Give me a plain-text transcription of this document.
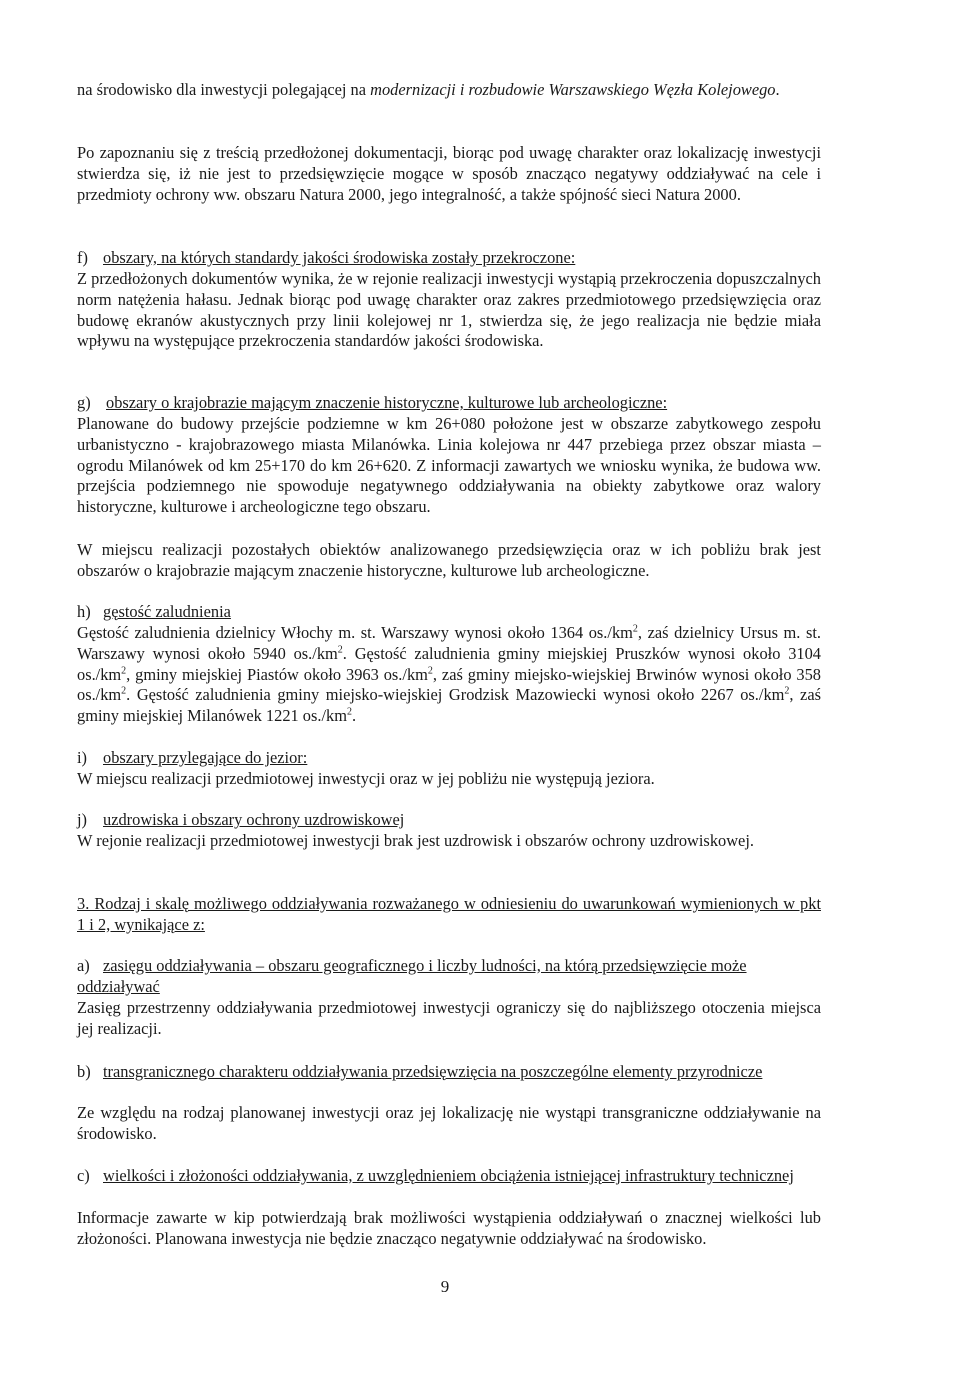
na środowisko dla inwestycji polegającej na modernizacji i rozbudowie Warszawskiego Węzła Kolejowego.

Po zapoznaniu się z treścią przedłożonej dokumentacji, biorąc pod uwagę charakter oraz lokalizację inwestycji stwierdza się, iż nie jest to przedsięwzięcie mogące w sposób znacząco negatywy oddziaływać na cele i przedmioty ochrony ww. obszaru Natura 2000, jego integralność, a także spójność sieci Natura 2000.

f) obszary, na których standardy jakości środowiska zostały przekroczone:

Z przedłożonych dokumentów wynika, że w rejonie realizacji inwestycji wystąpią przekroczenia dopuszczalnych norm natężenia hałasu. Jednak biorąc pod uwagę charakter oraz zakres przedmiotowego przedsięwzięcia oraz budowę ekranów akustycznych przy linii kolejowej nr 1, stwierdza się, że jego realizacja nie będzie miała wpływu na występujące przekroczenia standardów jakości środowiska.

g) obszary o krajobrazie mającym znaczenie historyczne, kulturowe lub archeologiczne:

Planowane do budowy przejście podziemne w km 26+080 położone jest w obszarze zabytkowego zespołu urbanistyczno - krajobrazowego miasta Milanówka. Linia kolejowa nr 447 przebiega przez obszar miasta – ogrodu Milanówek od km 25+170 do km 26+620. Z informacji zawartych we wniosku wynika, że budowa ww. przejścia podziemnego nie spowoduje negatywnego oddziaływania na obiekty zabytkowe oraz walory historyczne, kulturowe i archeologiczne tego obszaru.

W miejscu realizacji pozostałych obiektów analizowanego przedsięwzięcia oraz w ich pobliżu brak jest obszarów o krajobrazie mającym znaczenie historyczne, kulturowe lub archeologiczne.

h) gęstość zaludnienia

Gęstość zaludnienia dzielnicy Włochy m. st. Warszawy wynosi około 1364 $os./km^2$, zaś dzielnicy Ursus m. st. Warszawy wynosi około 5940 $os./km^2$. Gęstość zaludnienia gminy miejskiej Pruszków wynosi około 3104 $os./km^2$, gminy miejskiej Piastów około 3963 $os./km^2$, zaś gminy miejsko-wiejskiej Brwinów wynosi około 358 $os./km^2$. Gęstość zaludnienia gminy miejsko-wiejskiej Grodzisk Mazowiecki wynosi około 2267 $os./km^2$, zaś gminy miejskiej Milanówek 1221 $os./km^2$.

i) obszary przylegające do jezior:

W miejscu realizacji przedmiotowej inwestycji oraz w jej pobliżu nie występują jeziora.

j) uzdrowiska i obszary ochrony uzdrowiskowej

W rejonie realizacji przedmiotowej inwestycji brak jest uzdrowisk i obszarów ochrony uzdrowiskowej.

3. Rodzaj i skalę możliwego oddziaływania rozważanego w odniesieniu do uwarunkowań wymienionych w pkt 1 i 2, wynikające z:

a) zasięgu oddziaływania – obszaru geograficznego i liczby ludności, na którą przedsięwzięcie może oddziaływać

Zasięg przestrzenny oddziaływania przedmiotowej inwestycji ograniczy się do najbliższego otoczenia miejsca jej realizacji.

b) transgranicznego charakteru oddziaływania przedsięwzięcia na poszczególne elementy przyrodnicze

Ze względu na rodzaj planowanej inwestycji oraz jej lokalizację nie wystąpi transgraniczne oddziaływanie na środowisko.

c) wielkości i złożoności oddziaływania, z uwzględnieniem obciążenia istniejącej infrastruktury technicznej

Informacje zawarte w kip potwierdzają brak możliwości wystąpienia oddziaływań o znacznej wielkości lub złożoności. Planowana inwestycja nie będzie znacząco negatywnie oddziaływać na środowisko.

9
